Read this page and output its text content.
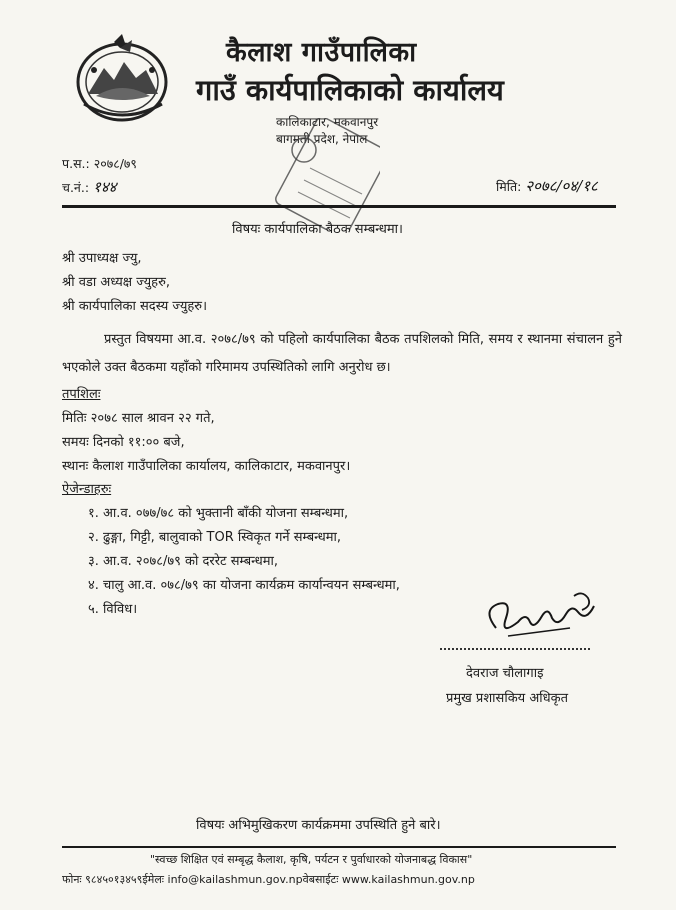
कैलाश गाउँपालिका
गाउँ कार्यपालिकाको कार्यालय
कालिकाटार, मकवानपुर
बागमती प्रदेश, नेपाल
प.स.: २०७८/७९
च.नं.: १४४	मिति: २०७८/०४/१८
विषयः कार्यपालिका बैठक सम्बन्धमा।
श्री उपाध्यक्ष ज्यु,
श्री वडा अध्यक्ष ज्युहरु,
श्री कार्यपालिका सदस्य ज्युहरु।
प्रस्तुत विषयमा आ.व. २०७८/७९ को पहिलो कार्यपालिका बैठक तपशिलको मिति, समय र स्थानमा संचालन हुने भएकोले उक्त बैठकमा यहाँको गरिमामय उपस्थितिको लागि अनुरोध छ।
तपशिलः
मितिः २०७८ साल श्रावन २२ गते,
समयः दिनको ११:०० बजे,
स्थानः कैलाश गाउँपालिका कार्यालय, कालिकाटार, मकवानपुर।
ऐजेन्डाहरुः
१. आ.व. ०७७/७८ को भुक्तानी बाँकी योजना सम्बन्धमा,
२. ढुङ्गा, गिट्टी, बालुवाको TOR स्विकृत गर्ने सम्बन्धमा,
३. आ.व. २०७८/७९ को दररेट सम्बन्धमा,
४. चालु आ.व. ०७८/७९ का योजना कार्यक्रम कार्यान्वयन सम्बन्धमा,
५. विविध।
देवराज चौलागाइ
प्रमुख प्रशासकिय अधिकृत
विषयः अभिमुखिकरण कार्यक्रममा उपस्थिति हुने बारे।
"स्वच्छ शिक्षित एवं सम्बृद्ध कैलाश, कृषि, पर्यटन र पुर्वाधारको योजनाबद्ध विकास"
फोनः ९८४५०१३४५९ईमेलः info@kailashmun.gov.npवेबसाईटः www.kailashmun.gov.np
